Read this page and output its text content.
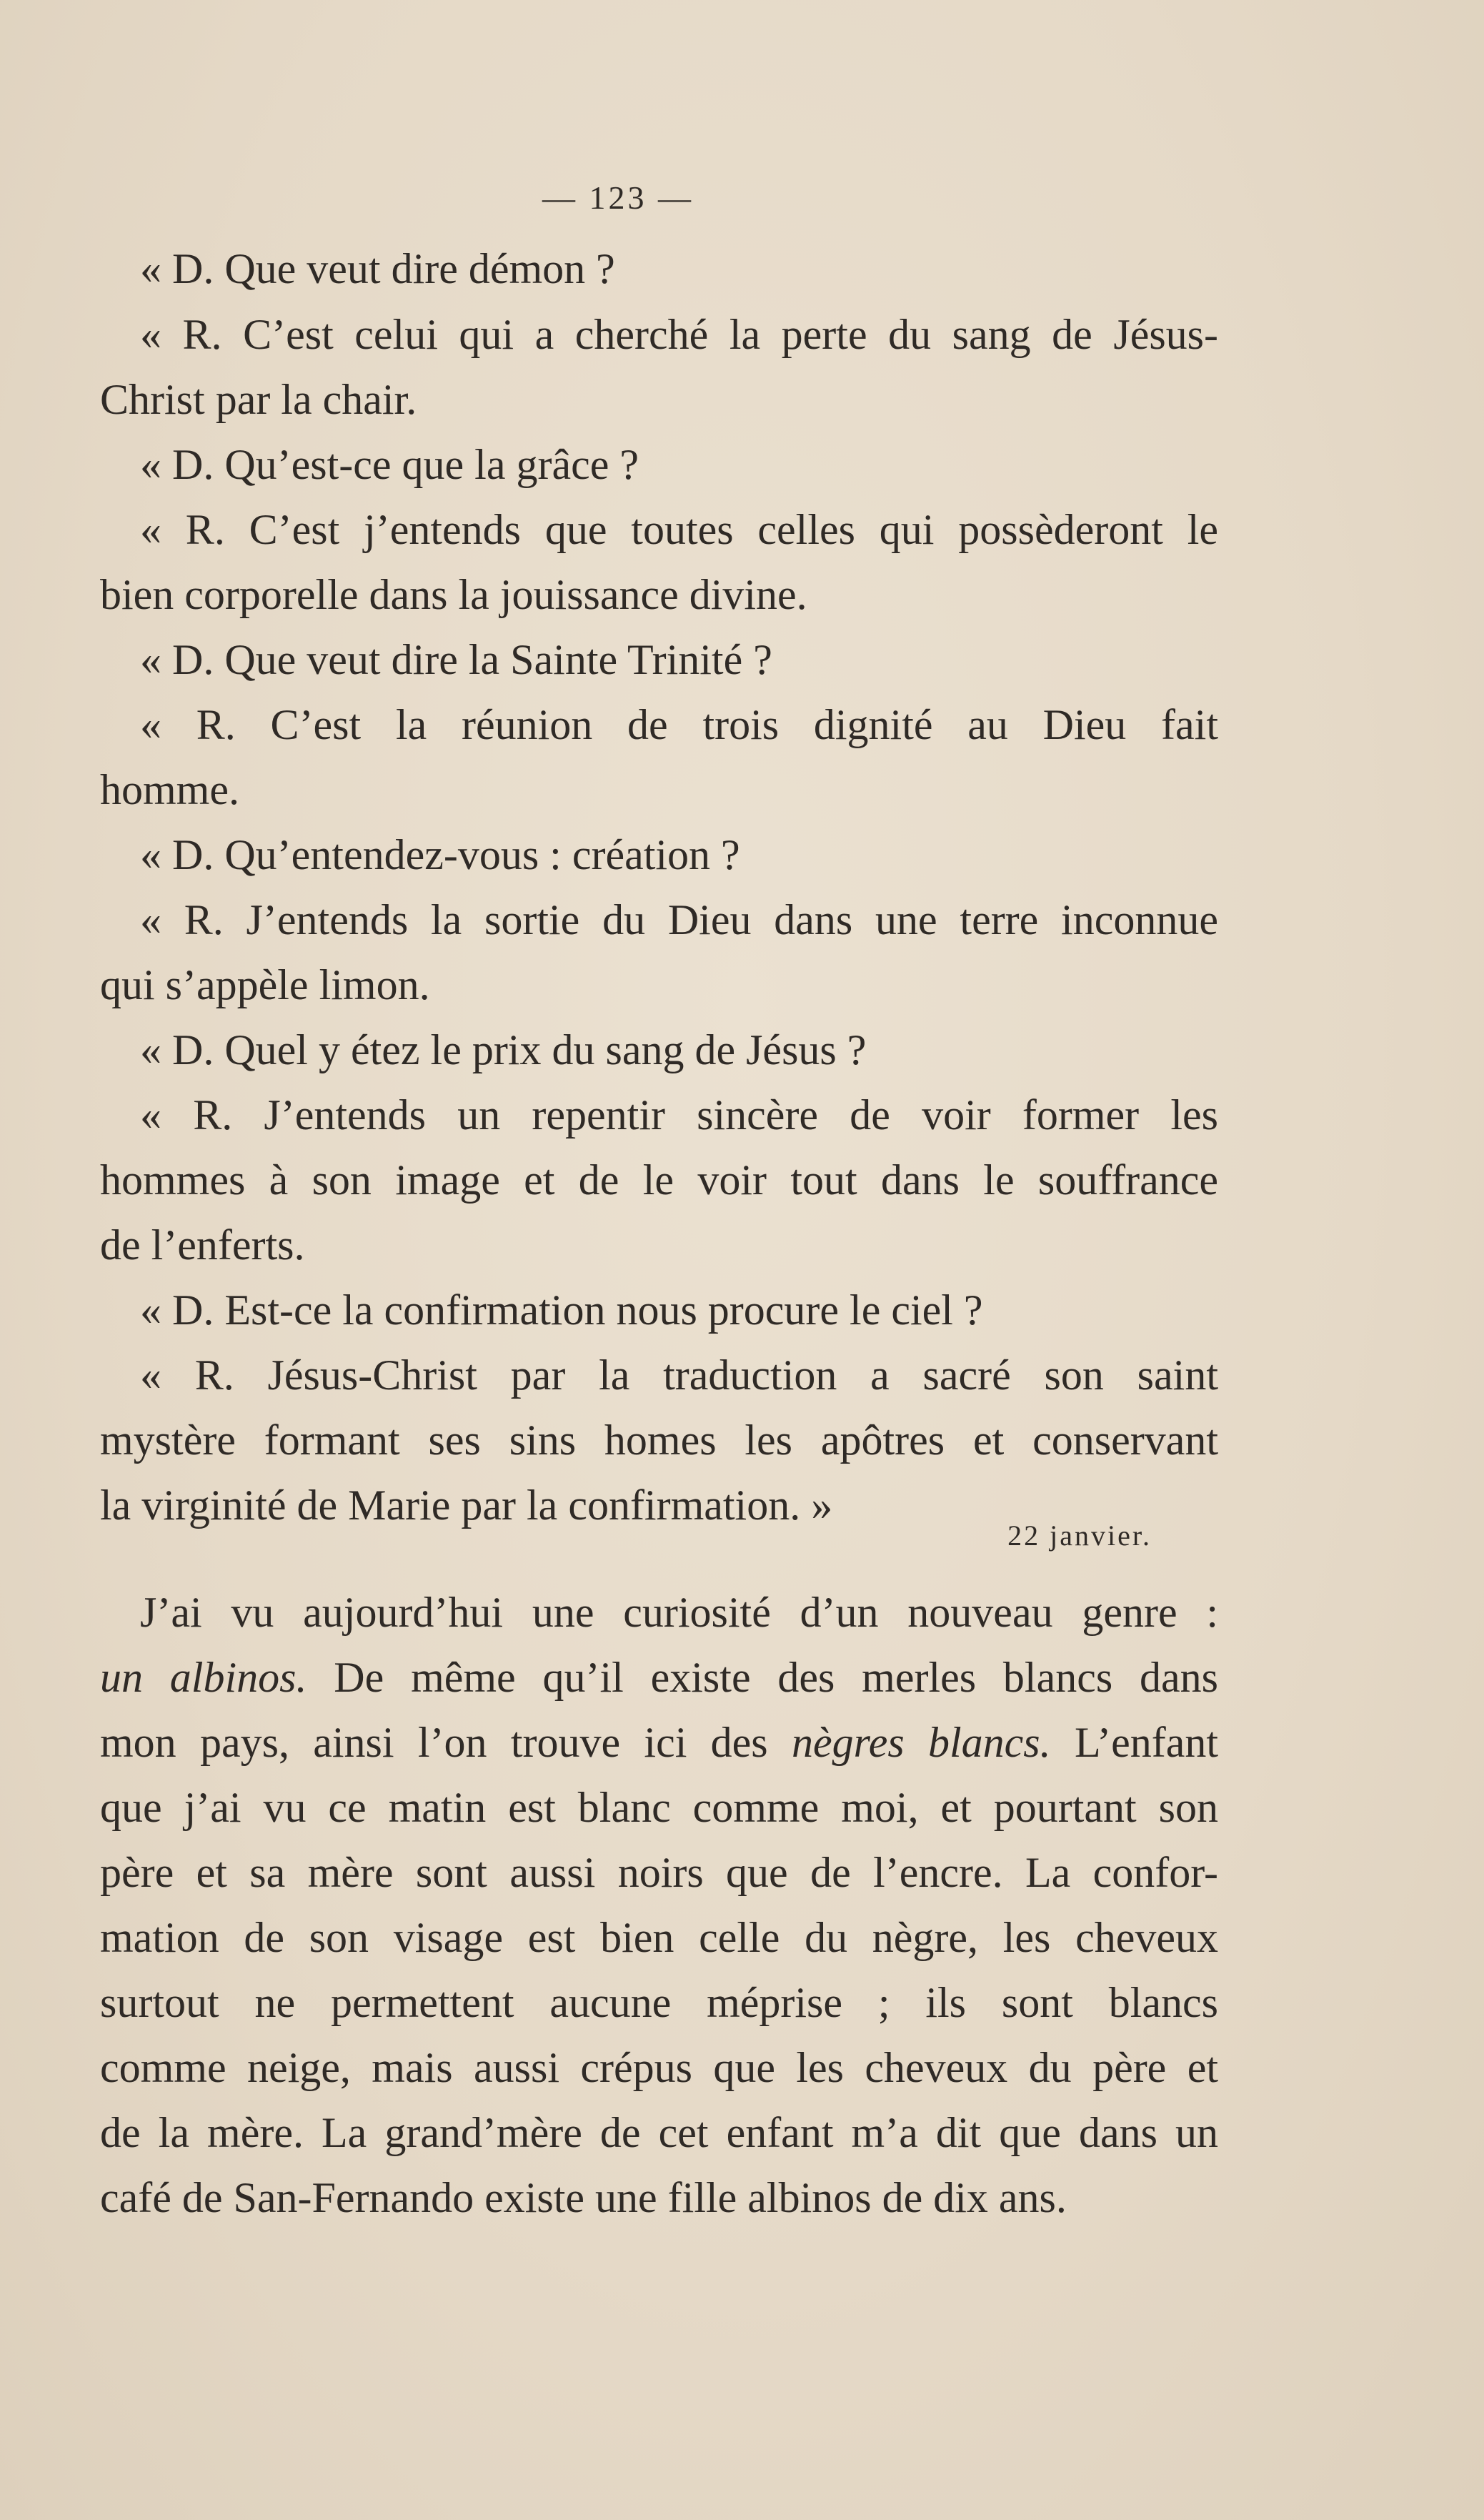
— 123 —
« D. Que veut dire démon ?
« R. C’est celui qui a cherché la perte du sang de Jésus-
Christ par la chair.
« D. Qu’est-ce que la grâce ?
« R. C’est j’entends que toutes celles qui possèderont le
bien corporelle dans la jouissance divine.
« D. Que veut dire la Sainte Trinité ?
« R. C’est la réunion de trois dignité au Dieu fait
homme.
« D. Qu’entendez-vous : création ?
« R. J’entends la sortie du Dieu dans une terre inconnue
qui s’appèle limon.
« D. Quel y étez le prix du sang de Jésus ?
« R. J’entends un repentir sincère de voir former les
hommes à son image et de le voir tout dans le souffrance
de l’enferts.
« D. Est-ce la confirmation nous procure le ciel ?
« R. Jésus-Christ par la traduction a sacré son saint
mystère formant ses sins homes les apôtres et conservant
la virginité de Marie par la confirmation. »
22 janvier.
J’ai vu aujourd’hui une curiosité d’un nouveau genre :
un albinos. De même qu’il existe des merles blancs dans
mon pays, ainsi l’on trouve ici des nègres blancs. L’enfant
que j’ai vu ce matin est blanc comme moi, et pourtant son
père et sa mère sont aussi noirs que de l’encre. La confor-
mation de son visage est bien celle du nègre, les cheveux
surtout ne permettent aucune méprise ; ils sont blancs
comme neige, mais aussi crépus que les cheveux du père et
de la mère. La grand’mère de cet enfant m’a dit que dans un
café de San-Fernando existe une fille albinos de dix ans.
